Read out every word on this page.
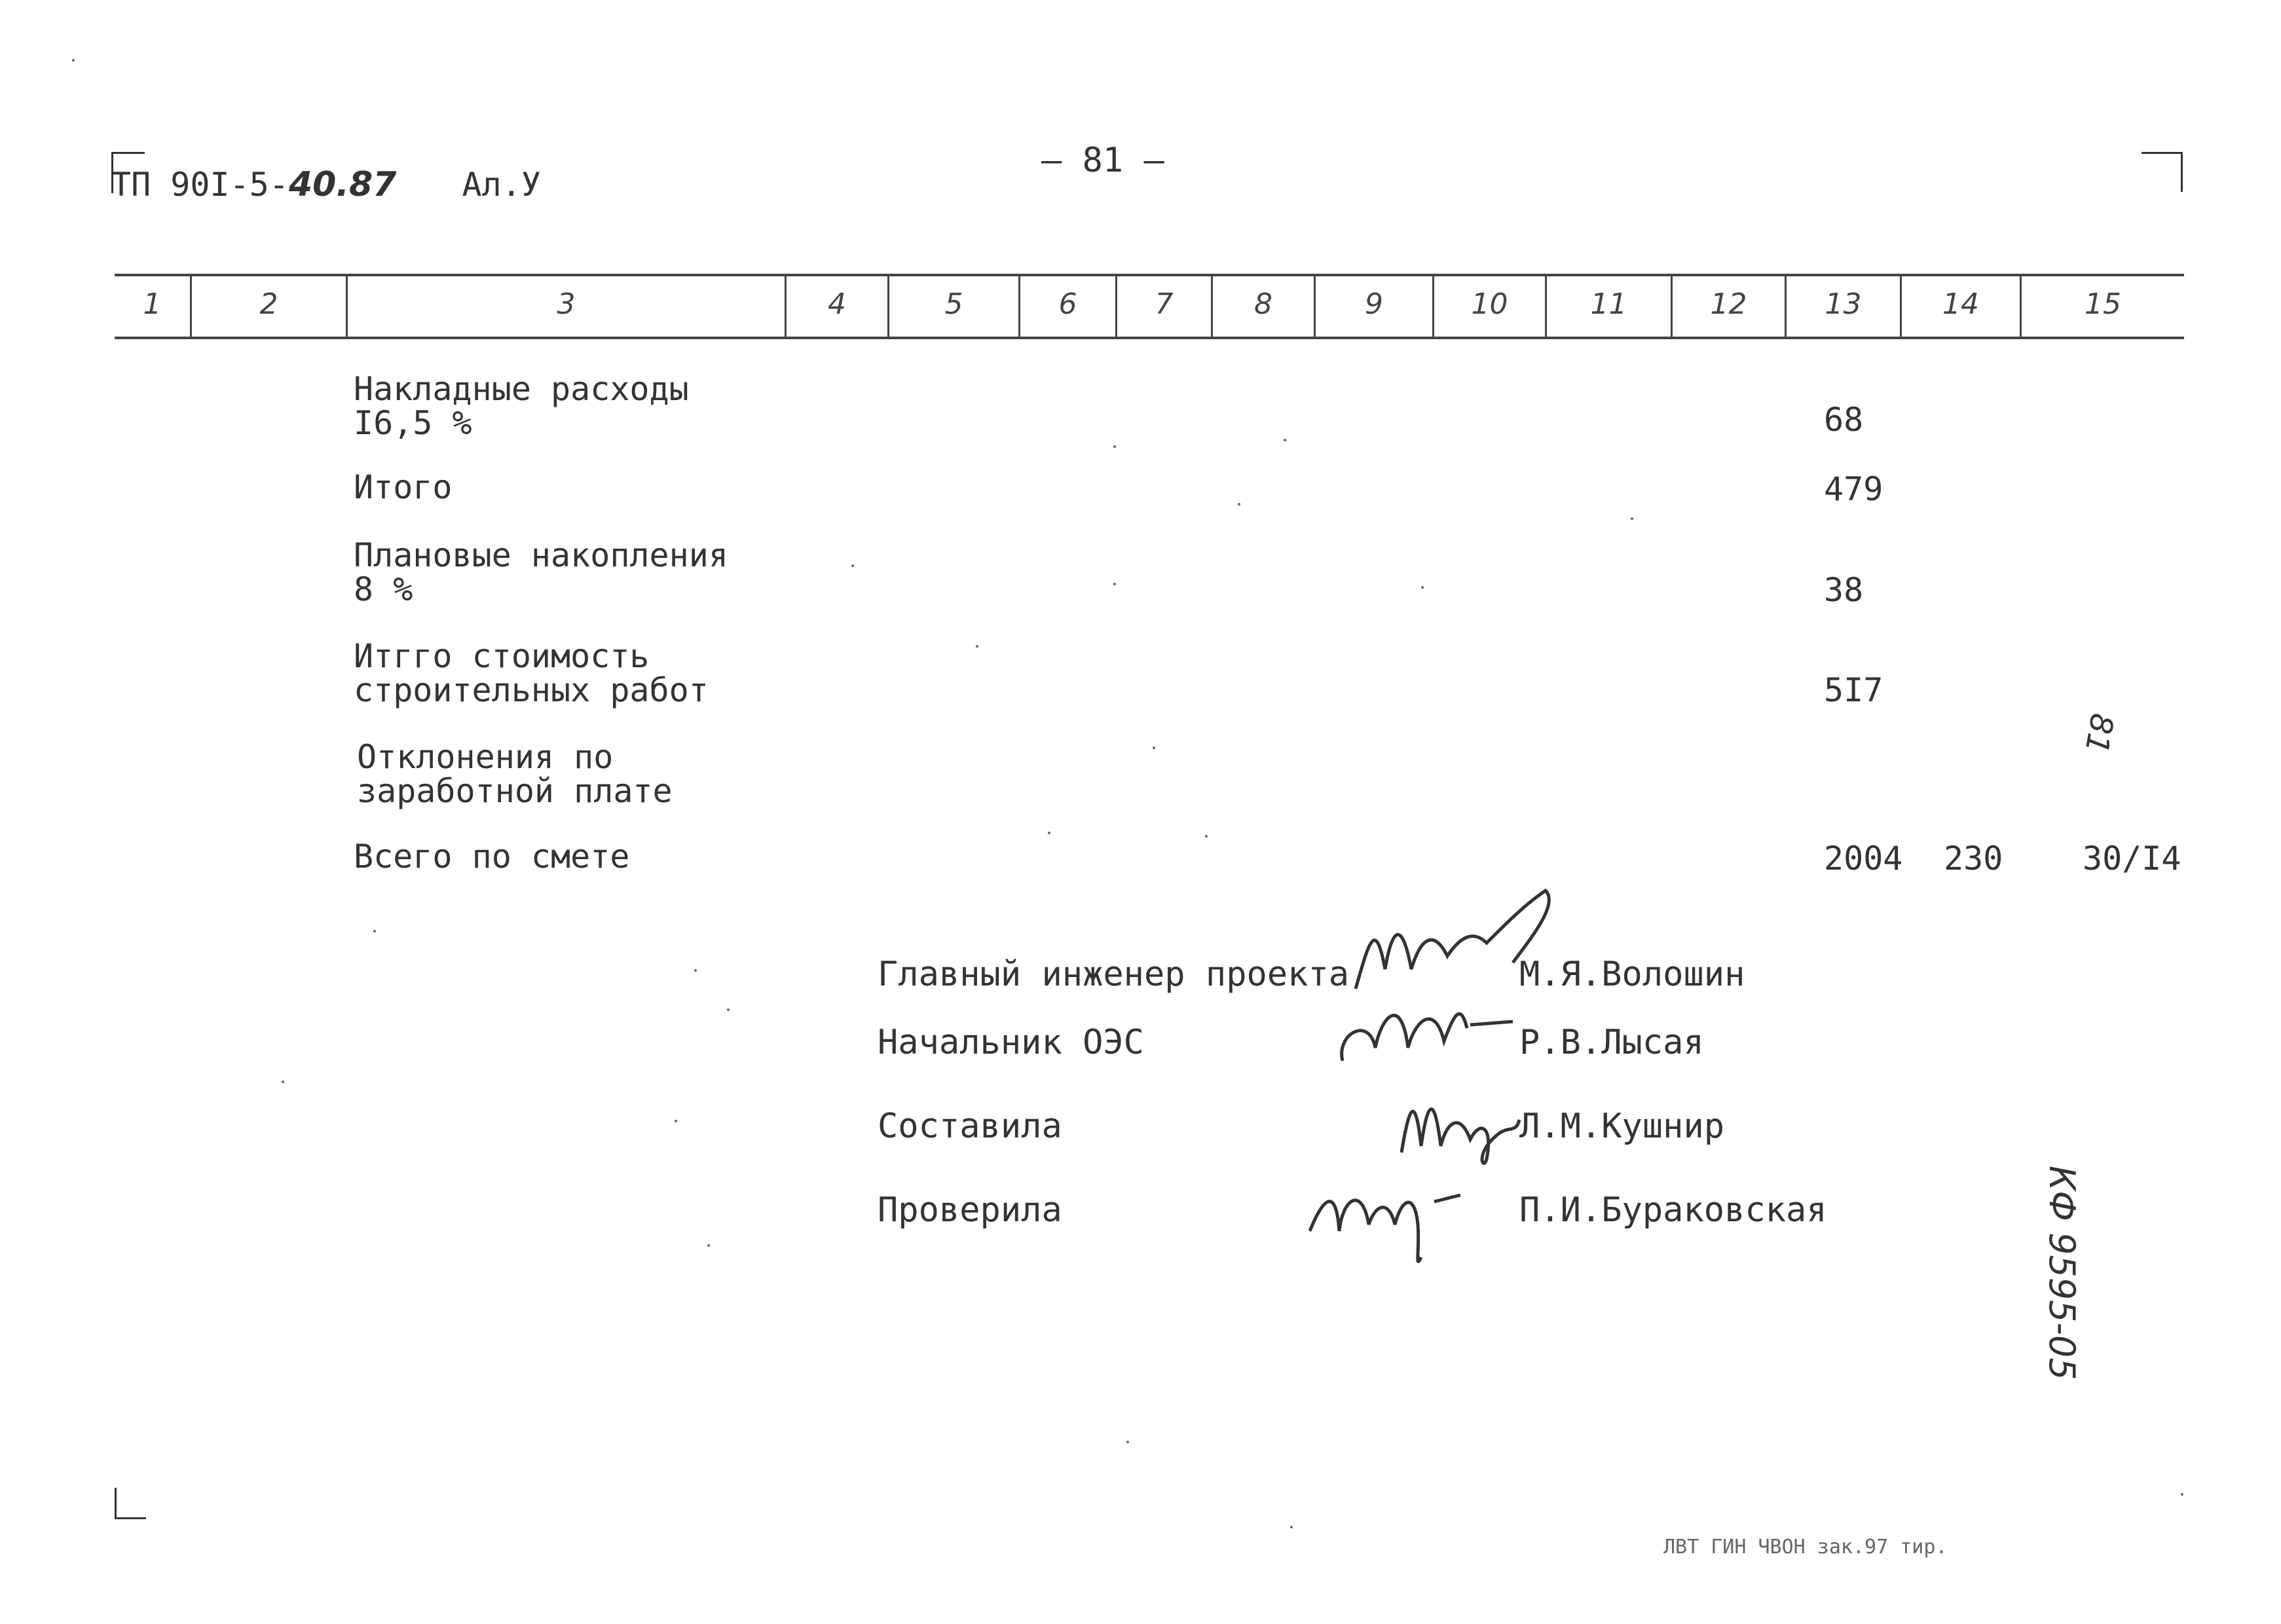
ТП 90I-5-40.87 Ал.У
— 81 —
1	2	3	4	5	6	7	8	9	10	11	12	13	14	15
Накладные расходы
I6,5 %	68
Итого	479
Плановые накопления
8 %	38
Итгго стоимость
строительных работ	5I7
Отклонения по
заработной плате
Всего по смете	2004 230 30/I4
Главный инженер проекта	М.Я.Волошин
Начальник ОЭС	Р.В.Лысая
Составила	Л.М.Кушнир
Проверила	П.И.Бураковская
81
КФ 9595-05
ЛВТ ГИН ЧВОН зак.97 тир.
